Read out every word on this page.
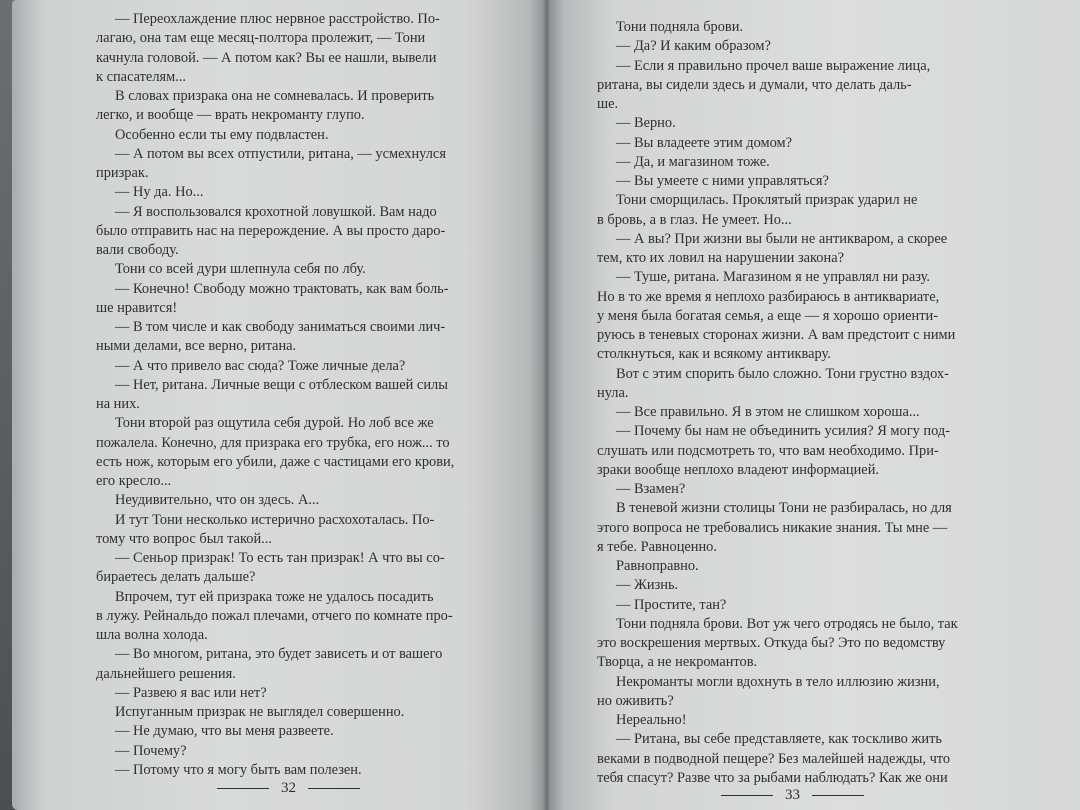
— Переохлаждение плюс нервное расстройство. По-
лагаю, она там еще месяц-полтора пролежит, — Тони
качнула головой. — А потом как? Вы ее нашли, вывели
к спасателям...
В словах призрака она не сомневалась. И проверить
легко, и вообще — врать некроманту глупо.
Особенно если ты ему подвластен.
— А потом вы всех отпустили, ритана, — усмехнулся
призрак.
— Ну да. Но...
— Я воспользовался крохотной ловушкой. Вам надо
было отправить нас на перерождение. А вы просто даро-
вали свободу.
Тони со всей дури шлепнула себя по лбу.
— Конечно! Свободу можно трактовать, как вам боль-
ше нравится!
— В том числе и как свободу заниматься своими лич-
ными делами, все верно, ритана.
— А что привело вас сюда? Тоже личные дела?
— Нет, ритана. Личные вещи с отблеском вашей силы
на них.
Тони второй раз ощутила себя дурой. Но лоб все же
пожалела. Конечно, для призрака его трубка, его нож... то
есть нож, которым его убили, даже с частицами его крови,
его кресло...
Неудивительно, что он здесь. А...
И тут Тони несколько истерично расхохоталась. По-
тому что вопрос был такой...
— Сеньор призрак! То есть тан призрак! А что вы со-
бираетесь делать дальше?
Впрочем, тут ей призрака тоже не удалось посадить
в лужу. Рейнальдо пожал плечами, отчего по комнате про-
шла волна холода.
— Во многом, ритана, это будет зависеть и от вашего
дальнейшего решения.
— Развею я вас или нет?
Испуганным призрак не выглядел совершенно.
— Не думаю, что вы меня развеете.
— Почему?
— Потому что я могу быть вам полезен.
32
Тони подняла брови.
— Да? И каким образом?
— Если я правильно прочел ваше выражение лица,
ритана, вы сидели здесь и думали, что делать даль-
ше.
— Верно.
— Вы владеете этим домом?
— Да, и магазином тоже.
— Вы умеете с ними управляться?
Тони сморщилась. Проклятый призрак ударил не
в бровь, а в глаз. Не умеет. Но...
— А вы? При жизни вы были не антикваром, а скорее
тем, кто их ловил на нарушении закона?
— Туше, ритана. Магазином я не управлял ни разу.
Но в то же время я неплохо разбираюсь в антиквариате,
у меня была богатая семья, а еще — я хорошо ориенти-
руюсь в теневых сторонах жизни. А вам предстоит с ними
столкнуться, как и всякому антиквару.
Вот с этим спорить было сложно. Тони грустно вздох-
нула.
— Все правильно. Я в этом не слишком хороша...
— Почему бы нам не объединить усилия? Я могу под-
слушать или подсмотреть то, что вам необходимо. При-
зраки вообще неплохо владеют информацией.
— Взамен?
В теневой жизни столицы Тони не разбиралась, но для
этого вопроса не требовались никакие знания. Ты мне —
я тебе. Равноценно.
Равноправно.
— Жизнь.
— Простите, тан?
Тони подняла брови. Вот уж чего отродясь не было, так
это воскрешения мертвых. Откуда бы? Это по ведомству
Творца, а не некромантов.
Некроманты могли вдохнуть в тело иллюзию жизни,
но оживить?
Нереально!
— Ритана, вы себе представляете, как тоскливо жить
веками в подводной пещере? Без малейшей надежды, что
тебя спасут? Разве что за рыбами наблюдать? Как же они
33
